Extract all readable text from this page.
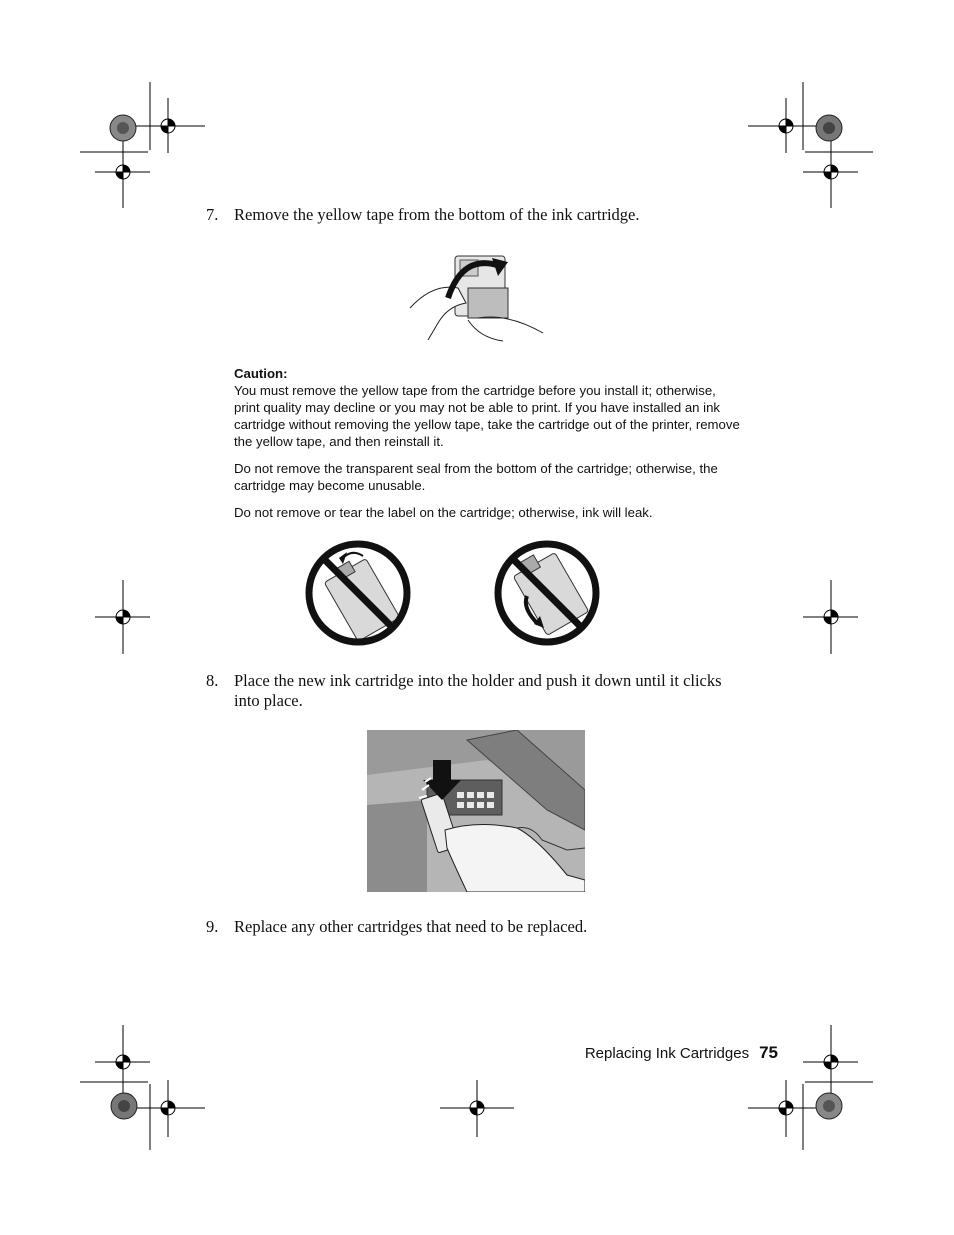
7. Remove the yellow tape from the bottom of the ink cartridge.
Caution:

You must remove the yellow tape from the cartridge before you install it; otherwise, print quality may decline or you may not be able to print. If you have installed an ink cartridge without removing the yellow tape, take the cartridge out of the printer, remove the yellow tape, and then reinstall it.

Do not remove the transparent seal from the bottom of the cartridge; otherwise, the cartridge may become unusable.

Do not remove or tear the label on the cartridge; otherwise, ink will leak.

8. Place the new ink cartridge into the holder and push it down until it clicks into place.
9. Replace any other cartridges that need to be replaced.
Replacing Ink Cartridges 75
